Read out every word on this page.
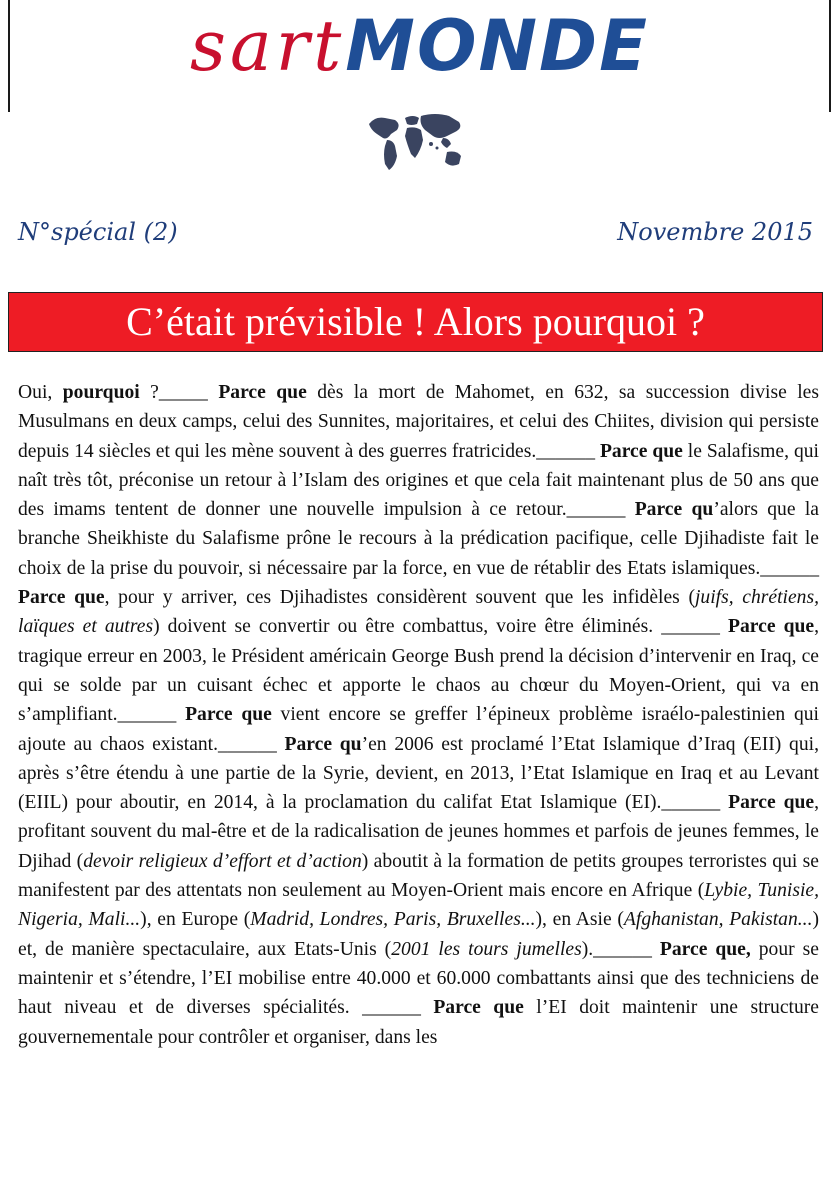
sartMONDE
N°spécial (2)	Novembre 2015
C’était prévisible ! Alors pourquoi ?

Oui, pourquoi ?_____ Parce que dès la mort de Mahomet, en 632, sa succession divise les Musulmans en deux camps, celui des Sunnites, majoritaires, et celui des Chiites, division qui persiste depuis 14 siècles et qui les mène souvent à des guerres fratricides.______ Parce que le Salafisme, qui naît très tôt, préconise un retour à l’Islam des origines et que cela fait maintenant plus de 50 ans que des imams tentent de donner une nouvelle impulsion à ce retour.______ Parce qu’alors que la branche Sheikhiste du Salafisme prône le recours à la prédication pacifique, celle Djihadiste fait le choix de la prise du pouvoir, si nécessaire par la force, en vue de rétablir des Etats islamiques.______ Parce que, pour y arriver, ces Djihadistes considèrent souvent que les infidèles (juifs, chrétiens, laïques et autres) doivent se convertir ou être combattus, voire être éliminés. ______ Parce que, tragique erreur en 2003, le Président américain George Bush prend la décision d’intervenir en Iraq, ce qui se solde par un cuisant échec et apporte le chaos au chœur du Moyen-Orient, qui va en s’amplifiant.______ Parce que vient encore se greffer l’épineux problème israélo-palestinien qui ajoute au chaos existant.______ Parce qu’en 2006 est proclamé l’Etat Islamique d’Iraq (EII) qui, après s’être étendu à une partie de la Syrie, devient, en 2013, l’Etat Islamique en Iraq et au Levant (EIIL) pour aboutir, en 2014, à la proclamation du califat Etat Islamique (EI).______ Parce que, profitant souvent du mal-être et de la radicalisation de jeunes hommes et parfois de jeunes femmes, le Djihad (devoir religieux d’effort et d’action) aboutit à la formation de petits groupes terroristes qui se manifestent par des attentats non seulement au Moyen-Orient mais encore en Afrique (Lybie, Tunisie, Nigeria, Mali...), en Europe (Madrid, Londres, Paris, Bruxelles...), en Asie (Afghanistan, Pakistan...) et, de manière spectaculaire, aux Etats-Unis (2001 les tours jumelles).______ Parce que, pour se maintenir et s’étendre, l’EI mobilise entre 40.000 et 60.000 combattants ainsi que des techniciens de haut niveau et de diverses spécialités. ______ Parce que l’EI doit maintenir une structure gouvernementale pour contrôler et organiser, dans les
